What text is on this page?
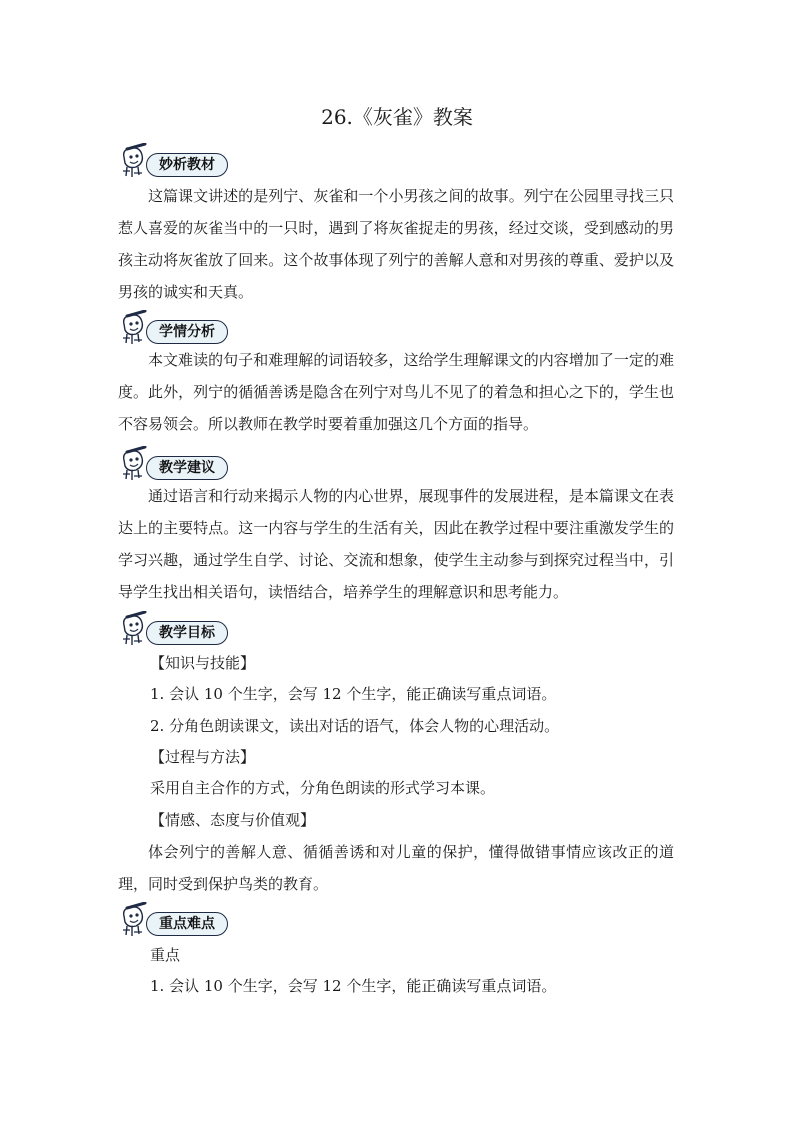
26.《灰雀》教案
妙析教材

这篇课文讲述的是列宁、灰雀和一个小男孩之间的故事。列宁在公园里寻找三只惹人喜爱的灰雀当中的一只时，遇到了将灰雀捉走的男孩，经过交谈，受到感动的男孩主动将灰雀放了回来。这个故事体现了列宁的善解人意和对男孩的尊重、爱护以及男孩的诚实和天真。

学情分析

本文难读的句子和难理解的词语较多，这给学生理解课文的内容增加了一定的难度。此外，列宁的循循善诱是隐含在列宁对鸟儿不见了的着急和担心之下的，学生也不容易领会。所以教师在教学时要着重加强这几个方面的指导。

教学建议

通过语言和行动来揭示人物的内心世界，展现事件的发展进程，是本篇课文在表达上的主要特点。这一内容与学生的生活有关，因此在教学过程中要注重激发学生的学习兴趣，通过学生自学、讨论、交流和想象，使学生主动参与到探究过程当中，引导学生找出相关语句，读悟结合，培养学生的理解意识和思考能力。

教学目标
【知识与技能】
1. 会认 10 个生字，会写 12 个生字，能正确读写重点词语。
2. 分角色朗读课文，读出对话的语气，体会人物的心理活动。
【过程与方法】
采用自主合作的方式，分角色朗读的形式学习本课。
【情感、态度与价值观】

体会列宁的善解人意、循循善诱和对儿童的保护，懂得做错事情应该改正的道理，同时受到保护鸟类的教育。

重点难点
重点
1. 会认 10 个生字，会写 12 个生字，能正确读写重点词语。
